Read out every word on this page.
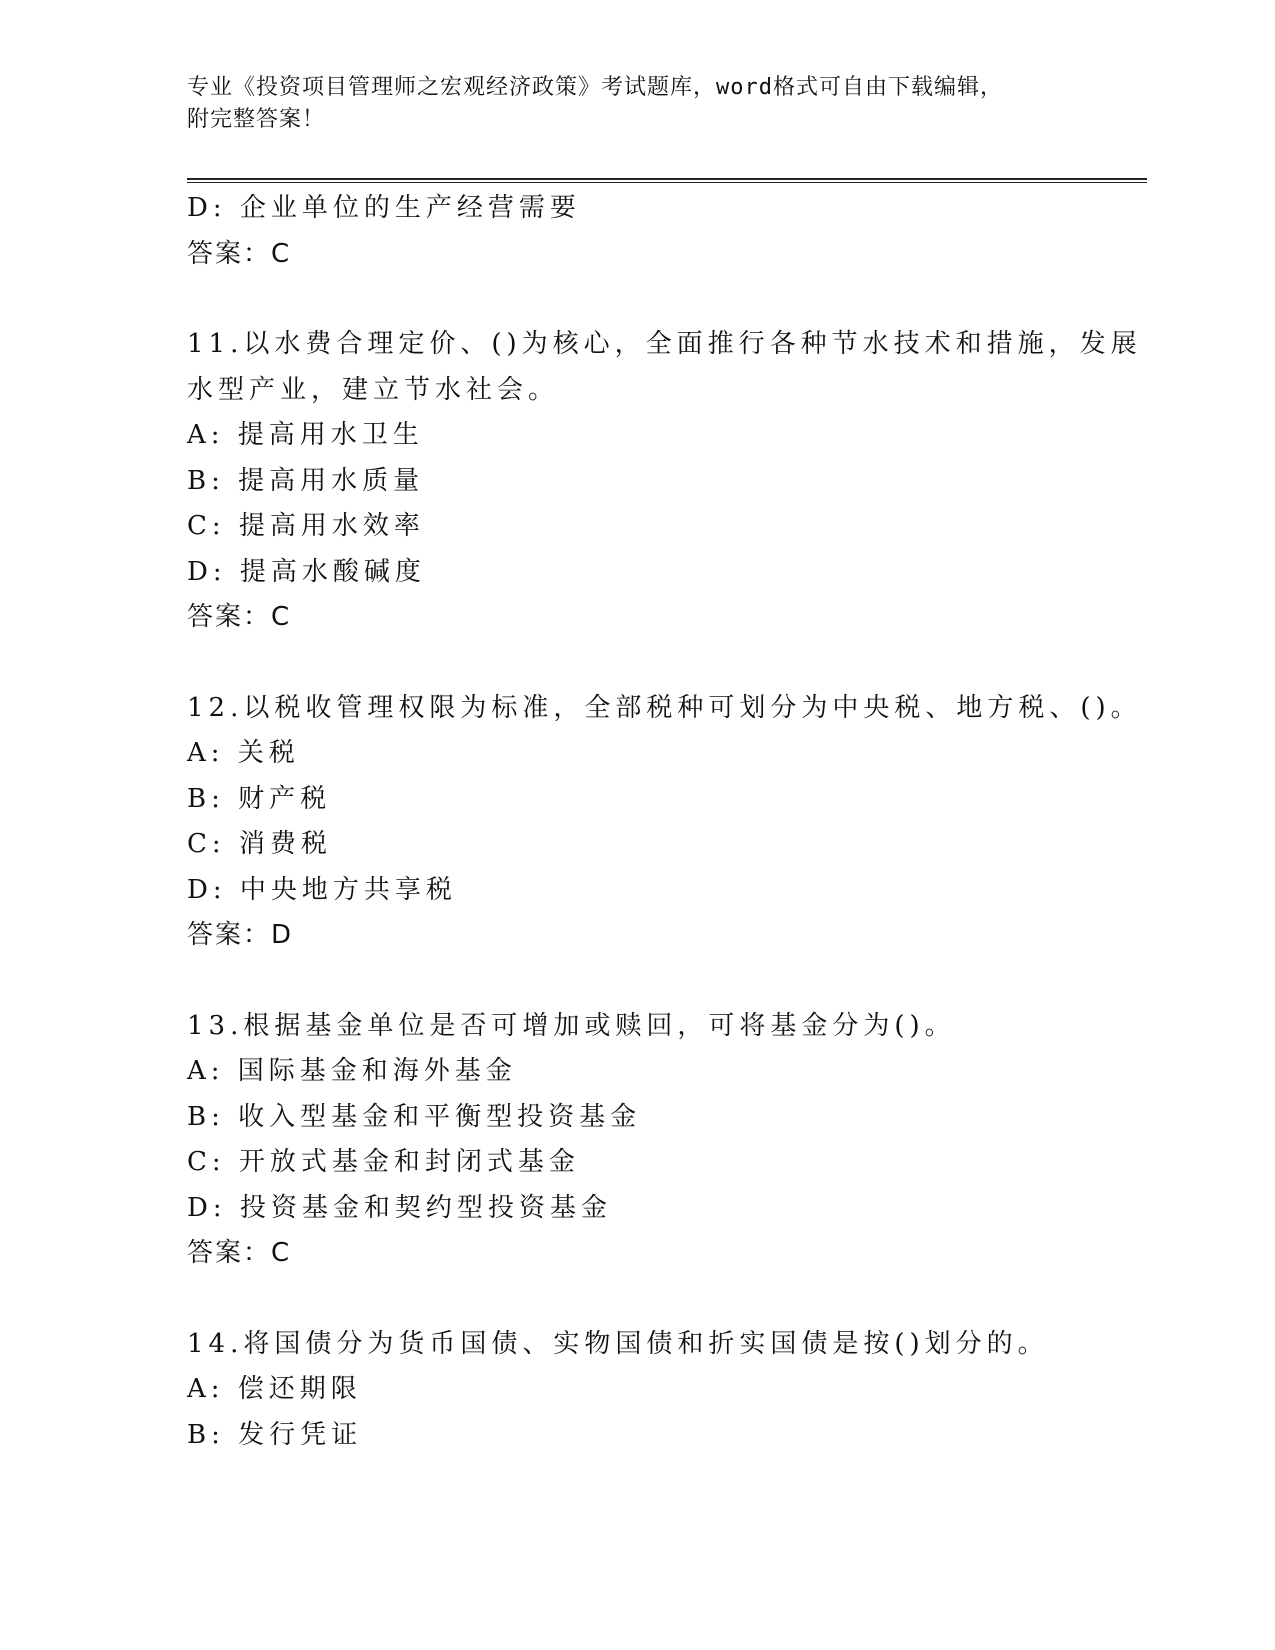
专业《投资项目管理师之宏观经济政策》考试题库，word格式可自由下载编辑，
附完整答案！
D: 企业单位的生产经营需要
答案：C
11.以水费合理定价、()为核心，全面推行各种节水技术和措施，发展
水型产业，建立节水社会。
A: 提高用水卫生
B: 提高用水质量
C: 提高用水效率
D: 提高水酸碱度
答案：C
12.以税收管理权限为标准，全部税种可划分为中央税、地方税、()。
A: 关税
B: 财产税
C: 消费税
D: 中央地方共享税
答案：D
13.根据基金单位是否可增加或赎回，可将基金分为()。
A: 国际基金和海外基金
B: 收入型基金和平衡型投资基金
C: 开放式基金和封闭式基金
D: 投资基金和契约型投资基金
答案：C
14.将国债分为货币国债、实物国债和折实国债是按()划分的。
A: 偿还期限
B: 发行凭证
